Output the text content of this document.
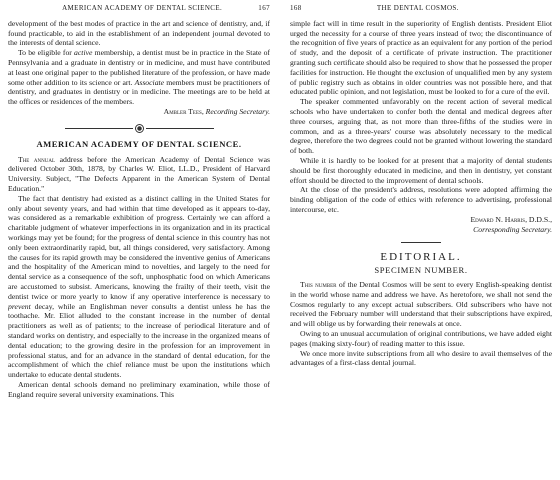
AMERICAN ACADEMY OF DENTAL SCIENCE.	167

development of the best modes of practice in the art and science of dentistry, and, if found practicable, to aid in the establishment of an independent journal devoted to the interests of dental science.

To be eligible for active membership, a dentist must be in practice in the State of Pennsylvania and a graduate in dentistry or in medicine, and must have contributed at least one original paper to the published literature of the profession, or have made some other addition to its science or art. Associate members must be practitioners of dentistry, and graduates in dentistry or in medicine. The meetings are to be held at the offices or residences of the members.

Ambler Tees, Recording Secretary.

AMERICAN ACADEMY OF DENTAL SCIENCE.

The annual address before the American Academy of Dental Science was delivered October 30th, 1878, by Charles W. Eliot, LL.D., President of Harvard University. Subject, "The Defects Apparent in the American System of Dental Education."

The fact that dentistry had existed as a distinct calling in the United States for only about seventy years, and had within that time developed as it appears to-day, was considered as a remarkable exhibition of progress. Certainly we can afford a charitable judgment of whatever imperfections in its organization and in its practical workings may yet be found; for the progress of dental science in this country has not only been extraordinarily rapid, but, all things considered, very satisfactory. Among the causes for its rapid growth may be considered the inventive genius of Americans and the hospitality of the American mind to novelties, and largely to the need for dental service as a consequence of the soft, unphosphatic food on which Americans are accustomed to subsist. Americans, knowing the frailty of their teeth, visit the dentist twice or more yearly to know if any operative interference is necessary to prevent decay, while an Englishman never consults a dentist unless he has the toothache. Mr. Eliot alluded to the constant increase in the number of dental practitioners as well as of patients; to the increase of periodical literature and of standard works on dentistry, and especially to the increase in the organized means of dental education; to the growing desire in the profession for an improvement in professional status, and for an advance in the standard of dental education, for the accomplishment of which the chief reliance must be upon the institutions which undertake to educate dental students.

American dental schools demand no preliminary examination, while those of England require several university examinations. This

168	THE DENTAL COSMOS.

simple fact will in time result in the superiority of English dentists. President Eliot urged the necessity for a course of three years instead of two; the discontinuance of the recognition of five years of practice as an equivalent for any portion of the period of study, and the deposit of a certificate of private instruction. The practitioner granting such certificate should also be required to show that he possessed the proper facilities for instruction. He thought the exclusion of unqualified men by any system of public registry such as obtains in older countries was not possible here, and that educated public opinion, and not legislation, must be looked to for a cure of the evil.

The speaker commented unfavorably on the recent action of several medical schools who have undertaken to confer both the dental and medical degrees after three courses, arguing that, as not more than three-fifths of the studies were in common, and as a three-years' course was absolutely necessary to the medical degree, therefore the two degrees could not be granted without lowering the standard of both.

While it is hardly to be looked for at present that a majority of dental students should be first thoroughly educated in medicine, and then in dentistry, yet constant effort should be directed to the improvement of dental schools.

At the close of the president's address, resolutions were adopted affirming the binding obligation of the code of ethics with reference to advertising, professional intercourse, etc.

Edward N. Harris, D.D.S.,

Corresponding Secretary.

EDITORIAL.
SPECIMEN NUMBER.

This number of the Dental Cosmos will be sent to every English-speaking dentist in the world whose name and address we have. As heretofore, we shall not send the Cosmos regularly to any except actual subscribers. Old subscribers who have not received the February number will understand that their subscriptions have expired, and will oblige us by forwarding their renewals at once.

Owing to an unusual accumulation of original contributions, we have added eight pages (making sixty-four) of reading matter to this issue.

We once more invite subscriptions from all who desire to avail themselves of the advantages of a first-class dental journal.
